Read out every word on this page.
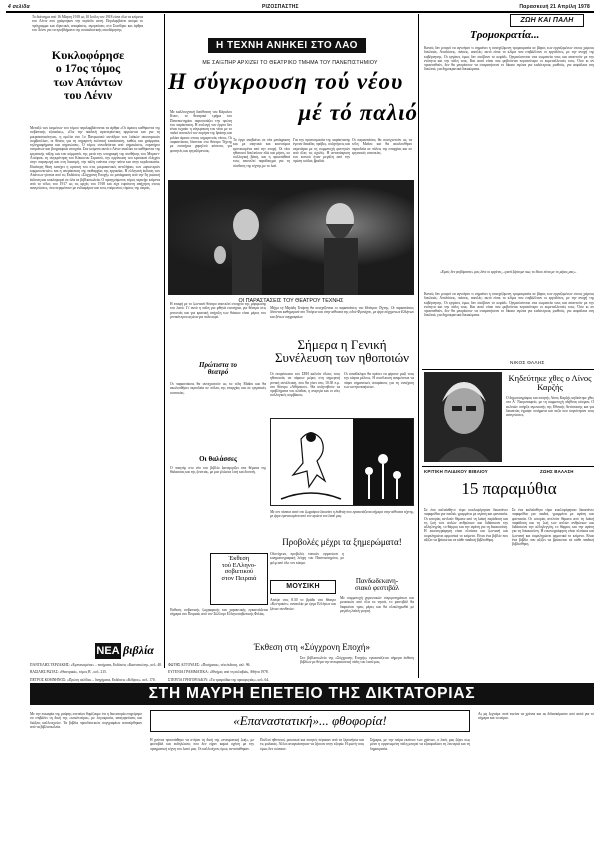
4 σελίδα	ΡΙΖΟΣΠΑΣΤΗΣ	Παρασκευή 21 Απρίλη 1978
Το διάταγμα από 16 Μάρτη 1918 ως 10 Ιούλη του 1918 είναι όλα τα κείμενα του Λένιν που γράφτηκαν την περίοδο αυτή. Περιλαμβάνει ακόμα το πρόγραμμα και ιδρυτικές αποφάσεις, αγορεύσεις στο Συνέδριο και άρθρα του Λένιν για τα προβλήματα της σοσιαλιστικής οικοδόμησης.
Κυκλοφόρησε
ο 17ος τόμος
των Απάντων
του Λένιν
Μεταξύ των κειμένων του τόμου περιλαμβάνονται τα άρθρα «Οι άμεσες καθήκοντα της σοβιετικής εξουσίας», «Για την παιδική αριστερίστικη αρρώστια και για τη μικροαστικότητα», η ομιλία στο 1ο Πανρωσικό συνέδριο των λαϊκών οικονομικών συμβουλίων, οι θέσεις για τη σημερινή πολιτική κατάσταση, καθώς και γράμματα, τηλεγραφήματα και σημειώσεις. Ο τόμος συνοδεύεται από σημειώσεις, ευρετήριο ονομάτων και βιογραφικά στοιχεία. Στα κείμενα αυτά ο Λένιν αναλύει τα καθήκοντα της εργατικής τάξης και του κόμματός της μετά την υπογραφή της συνθήκης του Μπρεστ-Λιτόφσκ, τη συγκρότηση του Κόκκινου Στρατού, την οργάνωση του κρατικού ελέγχου στην παραγωγή και στη διανομή, την πάλη ενάντια στην πείνα και στην κερδοσκοπία. Ιδιαίτερη θέση κατέχει η κριτική του στις μικροαστικές αντιλήψεις των «αριστερών κομμουνιστών» και η υπεράσπιση της πειθαρχίας της εργασίας. Η ελληνική έκδοση των Απάντων γίνεται από τις Εκδόσεις «Σύγχρονη Εποχή» σε μετάφραση από την 5η ρωσική έκδοση και κυκλοφορεί σε όλα τα βιβλιοπωλεία. Ο προηγούμενος τόμος περιείχε κείμενα από το τέλος του 1917 ως τις αρχές του 1918 και είχε ευρύτατη απήχηση στους αναγνώστες, που περιμένουν με ενδιαφέρον και τους επόμενους τόμους της σειράς.
ΝΕΑ βιβλία
ΠΑΝΤΕΛΗΣ ΤΕΡΖΑΚΗΣ: «Εμπνευσμένα» – ποιήματα, Εκδόσεις «Καστανιώτη», σελ. 48.
ΒΑΣΙΛΗΣ ΡΩΤΑΣ: «Θεατρικά», τόμος Β΄, σελ. 215.
ΠΕΤΡΟΣ ΚΟΜΝΗΝΟΣ: «Πρώτη σελίδα» – διηγήματα, Εκδόσεις «Κέδρος», σελ. 170.
ΦΩΤΗΣ ΑΓΓΟΥΛΕΣ: «Ποιήματα», νέα έκδοση, σελ. 96.
ΕΥΓΕΝΙΑ ΓΡΑΜΜΑΤΙΚΑ: «Μνήμες από τη σκλαβιά», Αθήνα 1978.
ΣΤΕΡΓΙΑ ΓΡΗΓΟΡΙΑΔΟΥ: «Τα τραγούδια της προσφυγιάς», σελ. 64.
Η ΤΕΧΝΗ ΑΝΗΚΕΙ ΣΤΟ ΛΑΟ
ΜΕ ΣΑΙΞΠΗΡ ΑΡΧΙΖΕΙ ΤΟ ΘΕΑΤΡΙΚΟ ΤΜΗΜΑ ΤΟΥ ΠΑΝΕΠΙΣΤΗΜΙΟΥ
Η σύγκρουση τού νέου
μέ τό παλιό
Με καλλιτεχνική διεύθυνση του Κάρολου Κουν, το θεατρικό τμήμα του Πανεπιστημίου παρουσιάζει την πρώτη του παράσταση. Η επιλογή του έργου δεν είναι τυχαία: η σύγκρουση του νέου με το παλιό αποτελεί τον πυρήνα της δράσης και μιλάει άμεσα στους σημερινούς νέους. Οι παραστάσεις δίνονται στο θέατρο Τέχνης με εισιτήρια χαμηλού κόστους για φοιτητές και εργαζόμενους.
Το έργο ανεβαίνει σε νέα μετάφραση και με σκηνικά και κοστούμια εμπνευσμένα από την εποχή. Οι νέοι ηθοποιοί δουλεύουν εδώ και μήνες, σε συλλογική βάση, και η προσπάθειά τους αποτελεί παράδειγμα για τη σύνδεση της τέχνης με το λαό.
Για την προετοιμασία της παράστασης έγιναν δεκάδες πρόβες, συζητήσεις και σεμινάρια με τη συμμετοχή φοιτητών από όλες τις σχολές. Η ανταπόκριση του κοινού ήταν μεγάλη από την πρώτη κιόλας βραδιά.
Οι παραστάσεις θα συνεχιστούν ως τα τέλη Μαΐου και θα ακολουθήσει περιοδεία σε πόλεις της επαρχίας και σε εργατικές συνοικίες.
ΟΙ ΠΑΡΑΣΤΑΣΕΙΣ ΤΟΥ ΘΕΑΤΡΟΥ ΤΕΧΝΗΣ
Μέχρι τη Μεγάλη Τετάρτη θα συνεχίζονται οι παραστάσεις του Θεάτρου Τέχνης. Οι παραστάσεις δίνονται καθημερινά στο Υπόγειο και στην αίθουσα της οδού Φρυνίχου, με έργα σύγχρονων Ελλήνων και ξένων συγγραφέων.
Η επαφή με το ζωντανό θέατρο αποτελεί στοιχείο της μόρφωσης του λαού. Γι' αυτό η πάλη για φθηνά εισιτήρια, για θέατρα στις γειτονιές και για κρατική στήριξη των θιάσων είναι μέρος του γενικότερου αγώνα για πολιτισμό.
Πρώτιστα το
θεατρό
Οι παραστάσεις θα συνεχιστούν ως τα τέλη Μαΐου και θα ακολουθήσει περιοδεία σε πόλεις της επαρχίας και σε εργατικές συνοικίες.
Οι θαλάσσες
Ο ποιητής στο νέο του βιβλίο ξαναγυρίζει στα θέματα της θάλασσας και της ξενιτιάς, με μια γλώσσα λιτή και δυνατή.
Σήμερα η Γενική
Συνέλευση των ηθοποιών
Οι εκπρόσωποι του ΣΕΗ καλούν όλους τους ηθοποιούς να πάρουν μέρος στη σημερινή γενική συνέλευση, που θα γίνει στις 10.30 π.μ. στο θέατρο «Αθήναιον». Θα συζητηθούν τα προβλήματα του κλάδου, η ανεργία και οι νέες συλλογικές συμβάσεις.
Οι συνάδελφοι θα πρέπει να φέρουν μαζί τους την κάρτα μέλους. Η συνέλευση αναμένεται να πάρει σημαντικές αποφάσεις για τη συνέχιση των κινητοποιήσεων.
Με τον πίνακα αυτό του ζωγράφου ξεκινάει η έκθεση που εγκαινιάζεται σήμερα στην αίθουσα τέχνης, με έργα εμπνευσμένα από τον αγώνα του λαού μας.
Προβολές μέχρι τα ξημερώματα!
Ολονύχτιες προβολές ταινιών οργανώνει η κινηματογραφική λέσχη του Πανεπιστημίου, με φιλμ από όλο τον κόσμο.
Έκθεση
τού ΕΛληνο-
σοβιετικού
στον Πειραιά
Έκθεση σοβιετικής ζωγραφικής και χαρακτικής εγκαινιάζεται σήμερα στο Πειραιά, από τον Σύλλογο Ελληνοσοβιετικής Φιλίας.
ΜΟΥΣΙΚΗ
Απόψε στις 8.30 το βράδυ στο θέατρο «Κεντρικόν» συναυλία με έργα Ελλήνων και ξένων συνθετών.
Πανδωδεκανη-
σιακό φεστιβάλ
Με συμμετοχή χορευτικών συγκροτημάτων και μουσικών από όλα τα νησιά, το φεστιβάλ θα διαρκέσει τρεις μέρες και θα ολοκληρωθεί με μεγάλη λαϊκή γιορτή.
Έκθεση στη «Σύγχρονη Εποχή»
Στο βιβλιοπωλείο της «Σύγχρονης Εποχής» εγκαινιάζεται σήμερα έκθεση βιβλίων με θέμα την αντιφασιστική πάλη του λαού μας.
ΖΩΗ ΚΑΙ ΠΑΛΗ
Τρομοκρατία...
Κανείς δεν μπορεί να αγνοήσει τι σημαίνει η συνεχιζόμενη τρομοκρατία σε βάρος των εργαζομένων στους χώρους δουλειάς. Απολύσεις, πιέσεις, απειλές: αυτό είναι το κλίμα που επιβάλλουν οι εργοδότες, με την ανοχή της κυβέρνησης. Οι εργάτες όμως δεν σκύβουν το κεφάλι. Οργανώνονται στα σωματεία τους και απαντούν με την ενότητα και την πάλη τους. Και αυτό είναι που φοβούνται περισσότερο οι εκμεταλλευτές τους. Όσο κι αν προσπαθούν, δεν θα μπορέσουν να σταματήσουν το δίκαιο αγώνα για καλύτερους μισθούς, για ασφάλεια στη δουλειά, για δημοκρατικά δικαιώματα.
«Εμείς δεν φοβόμαστε» μας λένε οι εργάτες, «γιατί ξέρουμε πως το δίκιο είναι με το μέρος μας».
Κανείς δεν μπορεί να αγνοήσει τι σημαίνει η συνεχιζόμενη τρομοκρατία σε βάρος των εργαζομένων στους χώρους δουλειάς. Απολύσεις, πιέσεις, απειλές: αυτό είναι το κλίμα που επιβάλλουν οι εργοδότες, με την ανοχή της κυβέρνησης. Οι εργάτες όμως δεν σκύβουν το κεφάλι. Οργανώνονται στα σωματεία τους και απαντούν με την ενότητα και την πάλη τους. Και αυτό είναι που φοβούνται περισσότερο οι εκμεταλλευτές τους. Όσο κι αν προσπαθούν, δεν θα μπορέσουν να σταματήσουν το δίκαιο αγώνα για καλύτερους μισθούς, για ασφάλεια στη δουλειά, για δημοκρατικά δικαιώματα.
ΝΙΚΟΣ ΘΑΛΗΣ
Κηδεύτηκε χθες ο Λίνος Καρζής
Ο δημοσιογράφος και ποιητής Λίνος Καρζής κηδεύτηκε χθες στο Α΄ Νεκροταφείο, με τη συμμετοχή πλήθους κόσμου. Ο εκλιπών υπήρξε αγωνιστής της Εθνικής Αντίστασης και για δεκαετίες έγραψε ποιήματα και πεζά που συγκίνησαν τους αναγνώστες.
ΚΡΙΤΙΚΗ ΠΑΙΔΙΚΟΥ ΒΙΒΛΙΟΥ	ΖΩΗΣ ΒΑΛΑΣΗ
15 παραμύθια
Σε ένα καλαίσθητο τόμο κυκλοφόρησαν δεκαπέντε παραμύθια για παιδιά, γραμμένα με αγάπη και φαντασία. Οι ιστορίες αντλούν θέματα από τη λαϊκή παράδοση και τη ζωή των απλών ανθρώπων και διδάσκουν την αλληλεγγύη, το θάρρος και την αγάπη για τη δικαιοσύνη. Η εικονογράφηση είναι πλούσια και ζωντανή και συμπληρώνει αρμονικά το κείμενο. Είναι ένα βιβλίο που αξίζει να βρίσκεται σε κάθε παιδική βιβλιοθήκη.
Σε ένα καλαίσθητο τόμο κυκλοφόρησαν δεκαπέντε παραμύθια για παιδιά, γραμμένα με αγάπη και φαντασία. Οι ιστορίες αντλούν θέματα από τη λαϊκή παράδοση και τη ζωή των απλών ανθρώπων και διδάσκουν την αλληλεγγύη, το θάρρος και την αγάπη για τη δικαιοσύνη. Η εικονογράφηση είναι πλούσια και ζωντανή και συμπληρώνει αρμονικά το κείμενο. Είναι ένα βιβλίο που αξίζει να βρίσκεται σε κάθε παιδική βιβλιοθήκη.
ΣΤΗ ΜΑΥΡΗ ΕΠΕΤΕΙΟ ΤΗΣ ΔΙΚΤΑΤΟΡΙΑΣ
«Επαναστατική»... φθοφορία!
Με την ευκαιρία της μαύρης επετείου θυμίζουμε ότι η δικτατορία επιχείρησε να επιβάλει τη δική της «κουλτούρα», με λογοκρισία, απαγορεύσεις και διώξεις καλλιτεχνών. Τα βιβλία προοδευτικών συγγραφέων αποσύρθηκαν από τα βιβλιοπωλεία.
Η χούντα προσπάθησε να στήσει τη δική της «πνευματική ζωή», με φεστιβάλ και εκδηλώσεις που δεν είχαν καμιά σχέση με την πραγματική τέχνη του λαού μας. Οι καλλιτέχνες όμως αντιστάθηκαν.
Πολλοί ηθοποιοί, μουσικοί και ποιητές πέρασαν από τα ξερονήσια και τις φυλακές. Άλλοι αναγκάστηκαν να ζήσουν στην εξορία. Η φωνή τους όμως δεν σώπασε.
Σήμερα, με την πείρα εκείνων των χρόνων, ο λαός μας ξέρει πως μόνο η οργανωμένη πάλη μπορεί να εξασφαλίσει τη λευτεριά και τη δημοκρατία.
Ας μη ξεχνάμε ποτέ εκείνα τα χρόνια και ας διδασκόμαστε από αυτά για το σήμερα και το αύριο.
